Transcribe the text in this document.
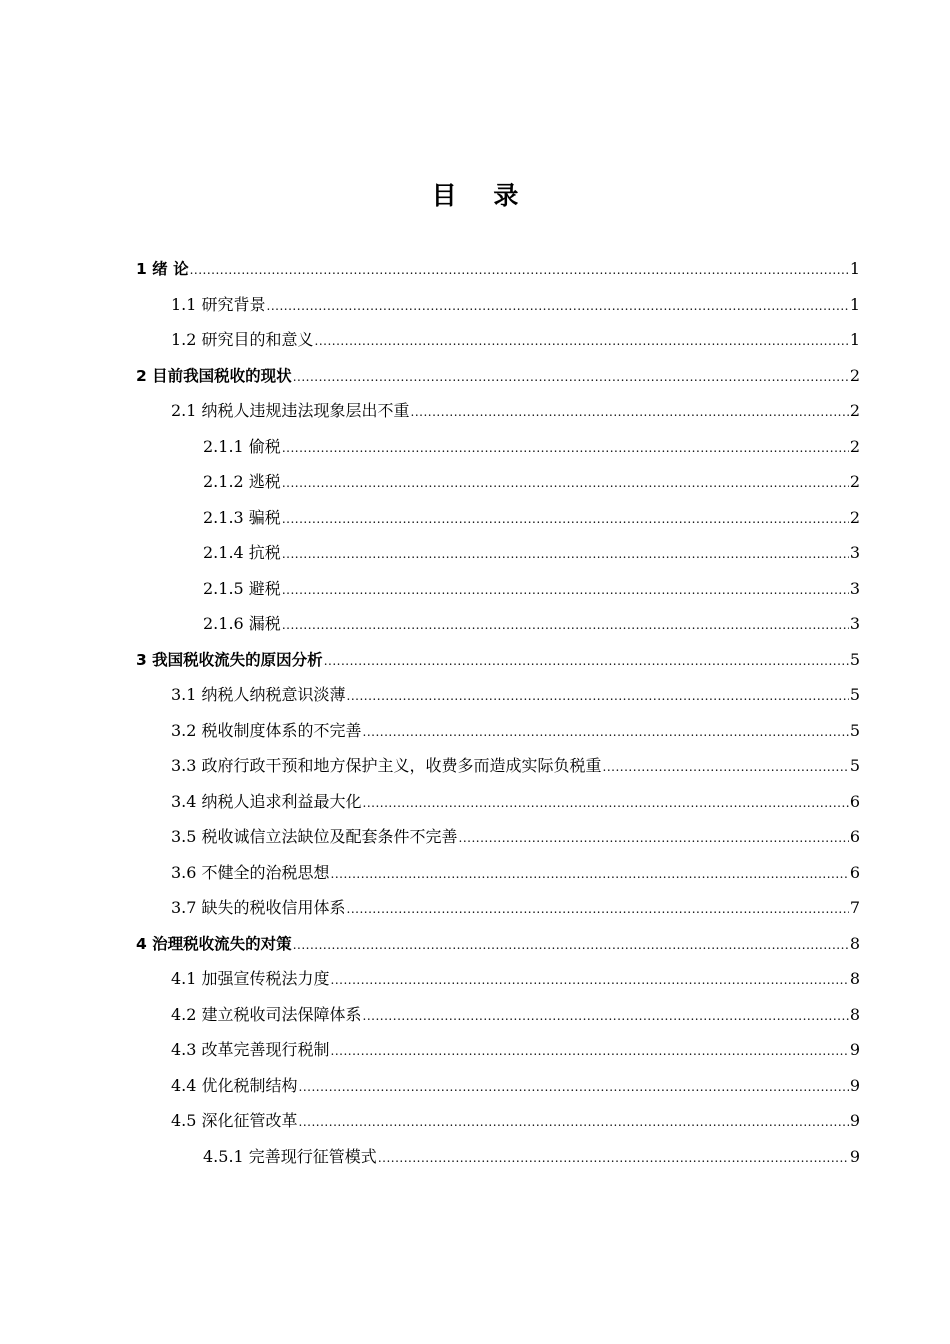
目 录
1 绪 论 .....	1
1.1 研究背景 .....	1
1.2 研究目的和意义 .....	1
2 目前我国税收的现状 .....	2
2.1 纳税人违规违法现象层出不重 .....	2
2.1.1 偷税 .....	2
2.1.2 逃税 .....	2
2.1.3 骗税 .....	2
2.1.4 抗税 .....	3
2.1.5 避税 .....	3
2.1.6 漏税 .....	3
3 我国税收流失的原因分析 .....	5
3.1 纳税人纳税意识淡薄 .....	5
3.2 税收制度体系的不完善 .....	5
3.3 政府行政干预和地方保护主义，收费多而造成实际负税重 .....	5
3.4 纳税人追求利益最大化 .....	6
3.5 税收诚信立法缺位及配套条件不完善 .....	6
3.6 不健全的治税思想 .....	6
3.7 缺失的税收信用体系 .....	7
4 治理税收流失的对策 .....	8
4.1 加强宣传税法力度 .....	8
4.2 建立税收司法保障体系 .....	8
4.3 改革完善现行税制 .....	9
4.4 优化税制结构 .....	9
4.5 深化征管改革 .....	9
4.5.1 完善现行征管模式 .....	9
